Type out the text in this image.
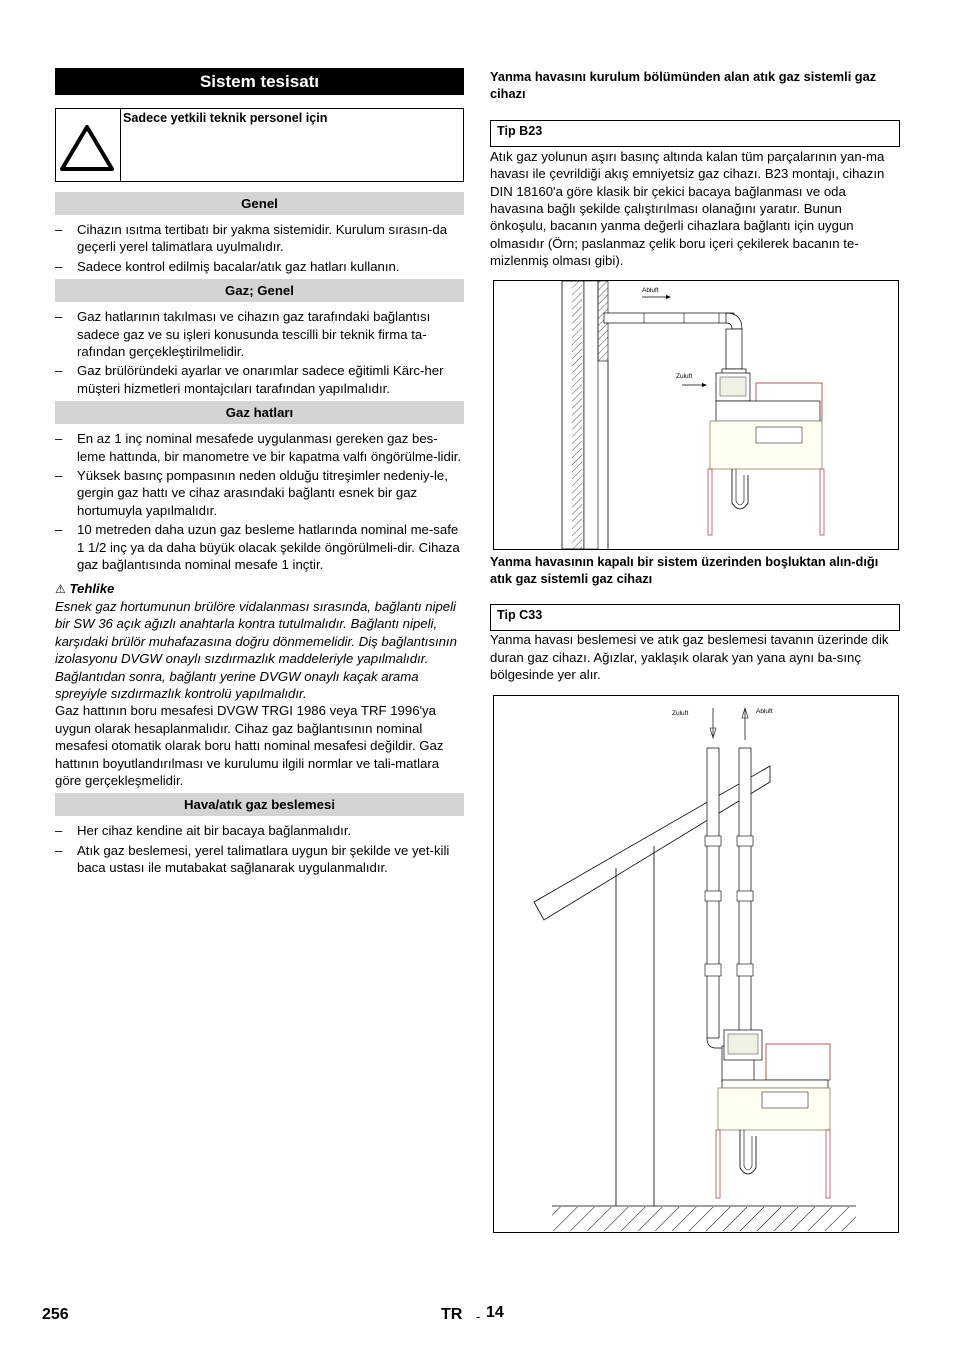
Sistem tesisatı
Sadece yetkili teknik personel için
Genel
– Cihazın ısıtma tertibatı bir yakma sistemidir. Kurulum sırasın-da geçerli yerel talimatlara uyulmalıdır.
– Sadece kontrol edilmiş bacalar/atık gaz hatları kullanın.
Gaz; Genel
– Gaz hatlarının takılması ve cihazın gaz tarafındaki bağlantısı sadece gaz ve su işleri konusunda tescilli bir teknik firma ta-rafından gerçekleştirilmelidir.
– Gaz brülöründeki ayarlar ve onarımlar sadece eğitimli Kärc-her müşteri hizmetleri montajcıları tarafından yapılmalıdır.
Gaz hatları
– En az 1 inç nominal mesafede uygulanması gereken gaz bes-leme hattında, bir manometre ve bir kapatma valfı öngörülme-lidir.
– Yüksek basınç pompasının neden olduğu titreşimler nedeniy-le, gergin gaz hattı ve cihaz arasındaki bağlantı esnek bir gaz hortumuyla yapılmalıdır.
– 10 metreden daha uzun gaz besleme hatlarında nominal me-safe 1 1/2 inç ya da daha büyük olacak şekilde öngörülmeli-dir. Cihaza gaz bağlantısında nominal mesafe 1 inçtir.
⚠ Tehlike

Esnek gaz hortumunun brülöre vidalanması sırasında, bağlantı nipeli bir SW 36 açık ağızlı anahtarla kontra tutulmalıdır. Bağlantı nipeli, karşıdaki brülör muhafazasına doğru dönmemelidir. Diş bağlantısının izolasyonu DVGW onaylı sızdırmazlık maddeleriyle yapılmalıdır. Bağlantıdan sonra, bağlantı yerine DVGW onaylı kaçak arama spreyiyle sızdırmazlık kontrolü yapılmalıdır.

Gaz hattının boru mesafesi DVGW TRGI 1986 veya TRF 1996'ya uygun olarak hesaplanmalıdır. Cihaz gaz bağlantısının nominal mesafesi otomatik olarak boru hattı nominal mesafesi değildir. Gaz hattının boyutlandırılması ve kurulumu ilgili normlar ve tali-matlara göre gerçekleşmelidir.

Hava/atık gaz beslemesi
– Her cihaz kendine ait bir bacaya bağlanmalıdır.
– Atık gaz beslemesi, yerel talimatlara uygun bir şekilde ve yet-kili baca ustası ile mutabakat sağlanarak uygulanmalıdır.
Yanma havasını kurulum bölümünden alan atık gaz sistemli gaz cihazı
Tip B23

Atık gaz yolunun aşırı basınç altında kalan tüm parçalarının yan-ma havası ile çevrildiği akış emniyetsiz gaz cihazı. B23 montajı, cihazın DIN 18160'a göre klasik bir çekici bacaya bağlanması ve oda havasına bağlı şekilde çalıştırılması olanağını yaratır. Bunun önkoşulu, bacanın yanma değerli cihazlara bağlantı için uygun olmasıdır (Örn; paslanmaz çelik boru içeri çekilerek bacanın te-mizlenmiş olması gibi).

Abluft
Zuluft
Yanma havasının kapalı bir sistem üzerinden boşluktan alın-dığı atık gaz sistemli gaz cihazı
Tip C33

Yanma havası beslemesi ve atık gaz beslemesi tavanın üzerinde dik duran gaz cihazı. Ağızlar, yaklaşık olarak yan yana aynı ba-sınç bölgesinde yer alır.

Zuluft	Abluft
256	TR - 14
